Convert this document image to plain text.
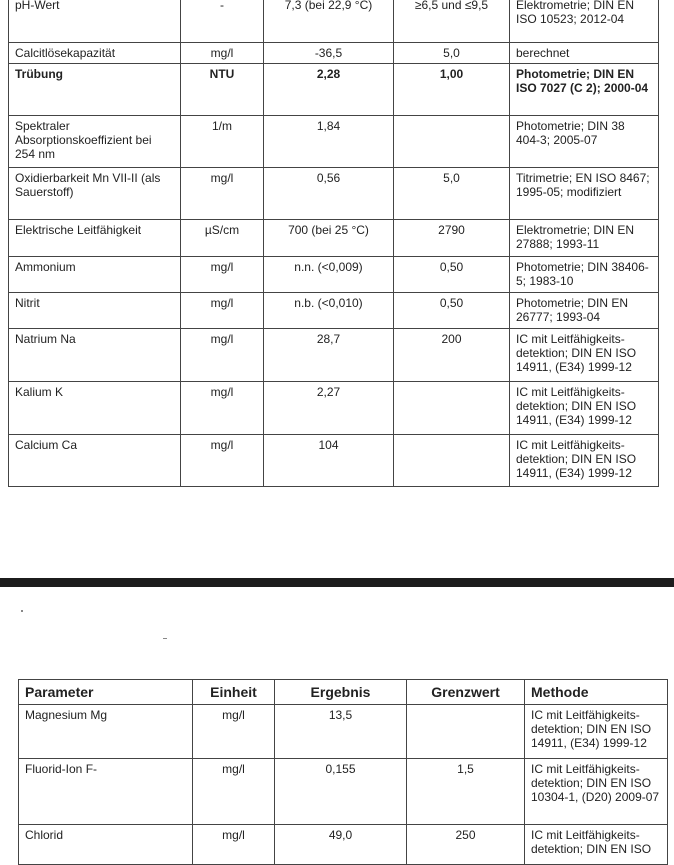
pH-Wert	-	7,3 (bei 22,9 °C)	≥6,5 und ≤9,5	Elektrometrie; DIN EN ISO 10523; 2012-04
Calcitlösekapazität	mg/l	-36,5	5,0	berechnet
Trübung	NTU	2,28	1,00	Photometrie; DIN EN ISO 7027 (C 2); 2000-04
Spektraler Absorptionskoeffizient bei 254 nm	1/m	1,84		Photometrie; DIN 38 404-3; 2005-07
Oxidierbarkeit Mn VII-II (als Sauerstoff)	mg/l	0,56	5,0	Titrimetrie; EN ISO 8467; 1995-05; modifiziert
Elektrische Leitfähigkeit	µS/cm	700 (bei 25 °C)	2790	Elektrometrie; DIN EN 27888; 1993-11
Ammonium	mg/l	n.n. (<0,009)	0,50	Photometrie; DIN 38406-5; 1983-10
Nitrit	mg/l	n.b. (<0,010)	0,50	Photometrie; DIN EN 26777; 1993-04
Natrium Na	mg/l	28,7	200	IC mit Leitfähigkeits-detektion; DIN EN ISO 14911, (E34) 1999-12
Kalium K	mg/l	2,27		IC mit Leitfähigkeits-detektion; DIN EN ISO 14911, (E34) 1999-12
Calcium Ca	mg/l	104		IC mit Leitfähigkeits-detektion; DIN EN ISO 14911, (E34) 1999-12
Parameter	Einheit	Ergebnis	Grenzwert	Methode
Magnesium Mg	mg/l	13,5		IC mit Leitfähigkeits-detektion; DIN EN ISO 14911, (E34) 1999-12
Fluorid-Ion F-	mg/l	0,155	1,5	IC mit Leitfähigkeits-detektion; DIN EN ISO 10304-1, (D20) 2009-07
Chlorid	mg/l	49,0	250	IC mit Leitfähigkeits-detektion; DIN EN ISO
